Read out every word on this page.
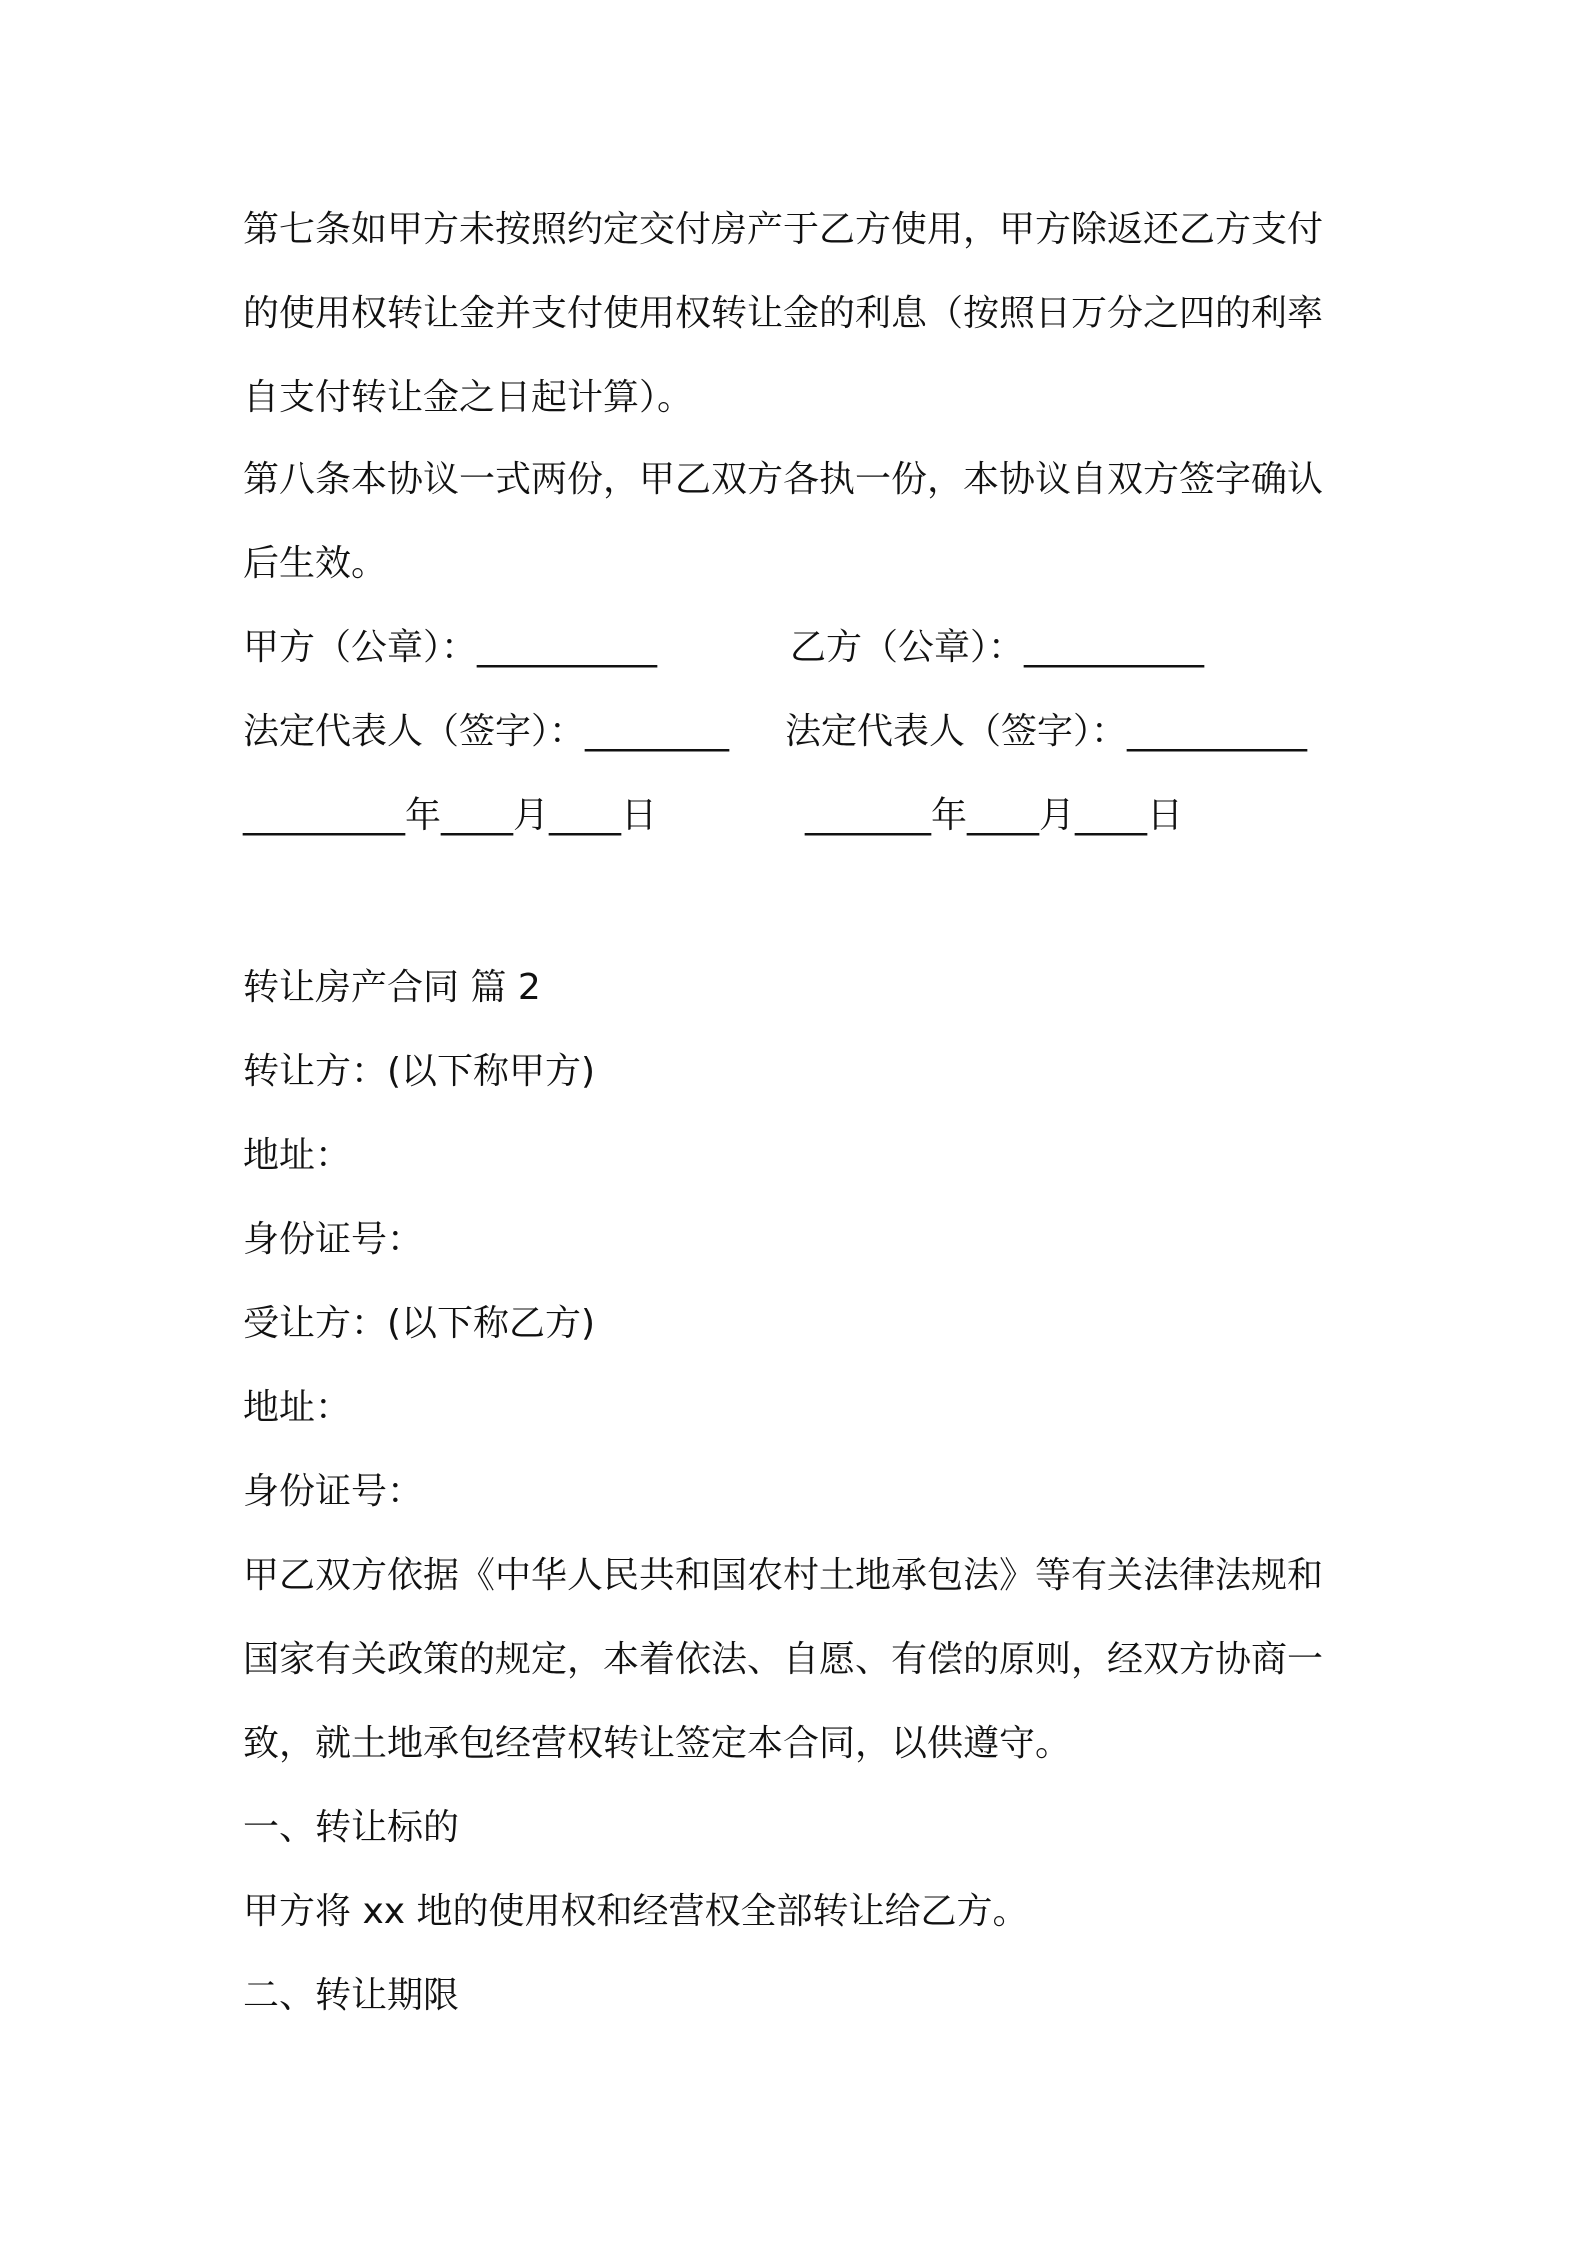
第七条如甲方未按照约定交付房产于乙方使用，甲方除返还乙方支付
的使用权转让金并支付使用权转让金的利息（按照日万分之四的利率
自支付转让金之日起计算）。
第八条本协议一式两份，甲乙双方各执一份，本协议自双方签字确认
后生效。
甲方（公章）：__________	乙方（公章）：__________
法定代表人（签字）：________ 法定代表人（签字）：__________
_________年____月____日	_______年____月____日
转让房产合同 篇 2
转让方：(以下称甲方)
地址：
身份证号：
受让方：(以下称乙方)
地址：
身份证号：
甲乙双方依据《中华人民共和国农村土地承包法》等有关法律法规和
国家有关政策的规定，本着依法、自愿、有偿的原则，经双方协商一
致，就土地承包经营权转让签定本合同，以供遵守。
一、转让标的
甲方将 xx 地的使用权和经营权全部转让给乙方。
二、转让期限
